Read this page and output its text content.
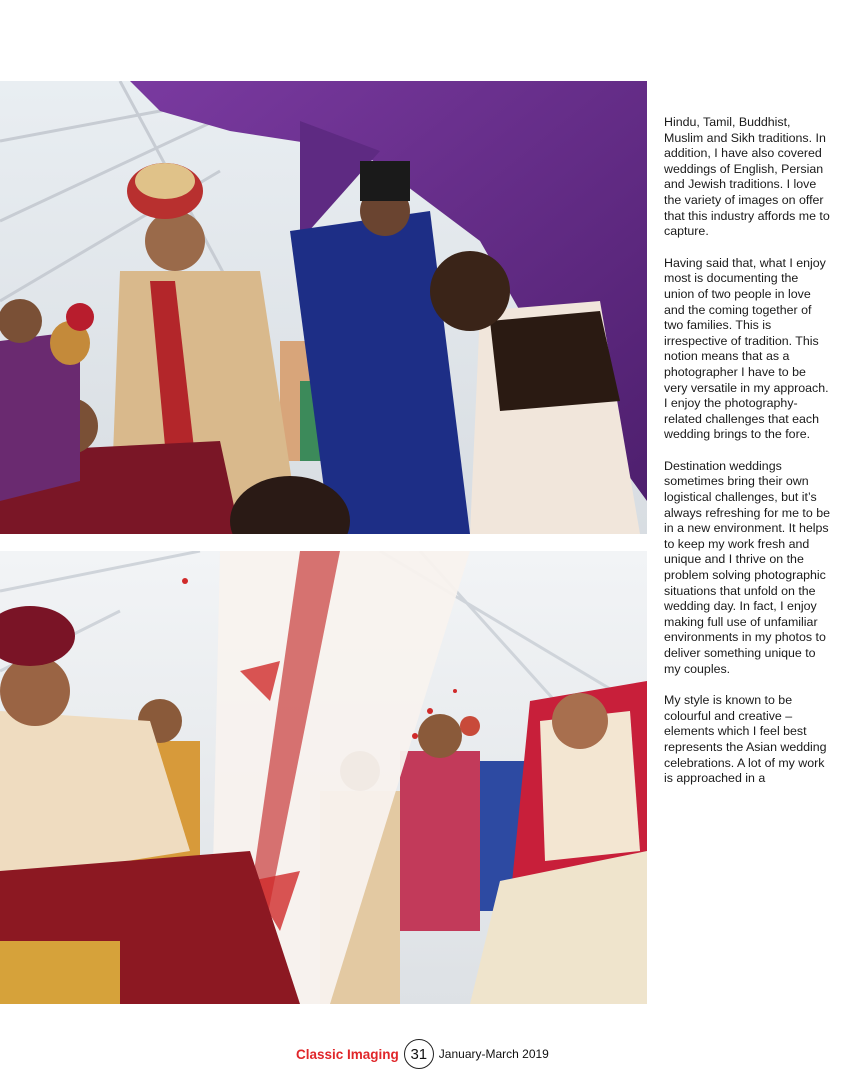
Hindu, Tamil, Buddhist, Muslim and Sikh traditions. In addition, I have also covered weddings of English, Persian and Jewish traditions. I love the variety of images on offer that this industry affords me to capture.

Having said that, what I enjoy most is documenting the union of two people in love and the coming together of two families. This is irrespective of tradition. This notion means that as a photographer I have to be very versatile in my approach. I enjoy the photography-related challenges that each wedding brings to the fore.

Destination weddings sometimes bring their own logistical challenges, but it’s always refreshing for me to be in a new environment. It helps to keep my work fresh and unique and I thrive on the problem solving photographic situations that unfold on the wedding day. In fact, I enjoy making full use of unfamiliar environments in my photos to deliver something unique to my couples.

My style is known to be colourful and creative – elements which I feel best represents the Asian wedding celebrations. A lot of my work is approached in a

Classic Imaging 31 January-March 2019
